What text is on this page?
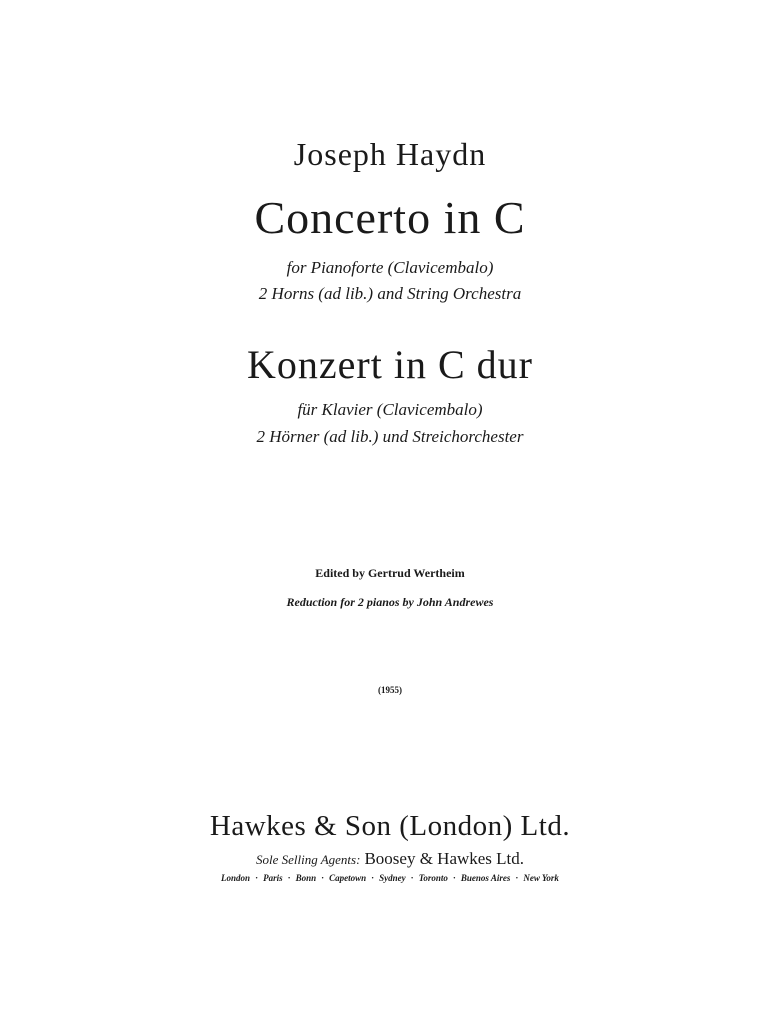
Joseph Haydn
Concerto in C
for Pianoforte (Clavicembalo)
2 Horns (ad lib.) and String Orchestra
Konzert in C dur
für Klavier (Clavicembalo)
2 Hörner (ad lib.) und Streichorchester
Edited by Gertrud Wertheim
Reduction for 2 pianos by John Andrewes
(1955)
Hawkes & Son (London) Ltd.
Sole Selling Agents: Boosey & Hawkes Ltd.
London · Paris · Bonn · Capetown · Sydney · Toronto · Buenos Aires · New York
